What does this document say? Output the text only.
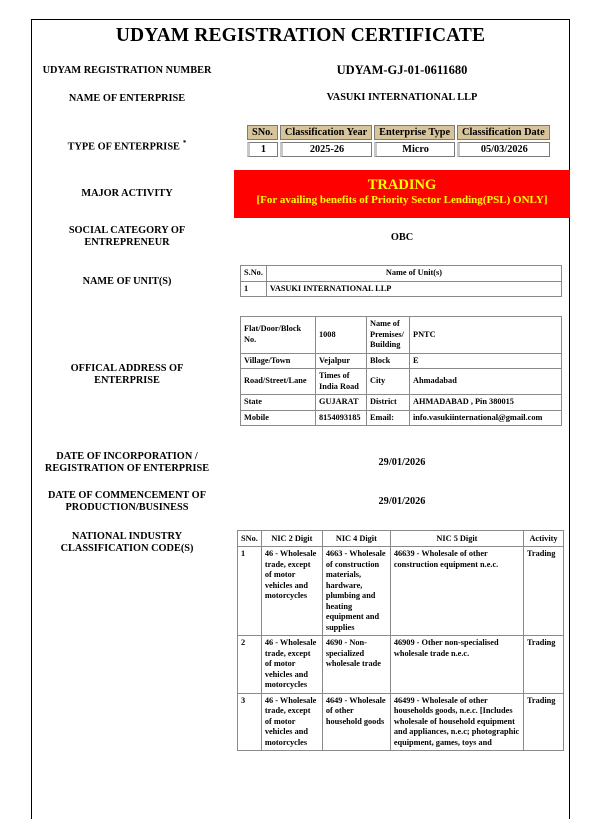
UDYAM REGISTRATION CERTIFICATE
UDYAM REGISTRATION NUMBER	UDYAM-GJ-01-0611680
NAME OF ENTERPRISE	VASUKI INTERNATIONAL LLP
TYPE OF ENTERPRISE *
SNo.	Classification Year	Enterprise Type	Classification Date
1	2025-26	Micro	05/03/2026
MAJOR ACTIVITY
TRADING
[For availing benefits of Priority Sector Lending(PSL) ONLY]
SOCIAL CATEGORY OF
ENTREPRENEUR	OBC
NAME OF UNIT(S)
S.No.	Name of Unit(s)
1	VASUKI INTERNATIONAL LLP
OFFICAL ADDRESS OF
ENTERPRISE
Flat/Door/Block No.	1008	Name of Premises/ Building	PNTC
Village/Town	Vejalpur	Block	E
Road/Street/Lane	Times of India Road	City	Ahmadabad
State	GUJARAT	District	AHMADABAD , Pin 380015
Mobile	8154093185	Email:	info.vasukiinternational@gmail.com
DATE OF INCORPORATION /
REGISTRATION OF ENTERPRISE
29/01/2026
DATE OF COMMENCEMENT OF
PRODUCTION/BUSINESS
29/01/2026
NATIONAL INDUSTRY
CLASSIFICATION CODE(S)
SNo.	NIC 2 Digit	NIC 4 Digit	NIC 5 Digit	Activity
1	46 - Wholesale trade, except of motor vehicles and motorcycles	4663 - Wholesale of construction materials, hardware, plumbing and heating equipment and supplies	46639 - Wholesale of other construction equipment n.e.c.	Trading
2	46 - Wholesale trade, except of motor vehicles and motorcycles	4690 - Non-specialized wholesale trade	46909 - Other non-specialised wholesale trade n.e.c.	Trading
3	46 - Wholesale trade, except of motor vehicles and motorcycles	4649 - Wholesale of other household goods	46499 - Wholesale of other households goods, n.e.c. [Includes wholesale of household equipment and appliances, n.e.c; photographic equipment, games, toys and	Trading
